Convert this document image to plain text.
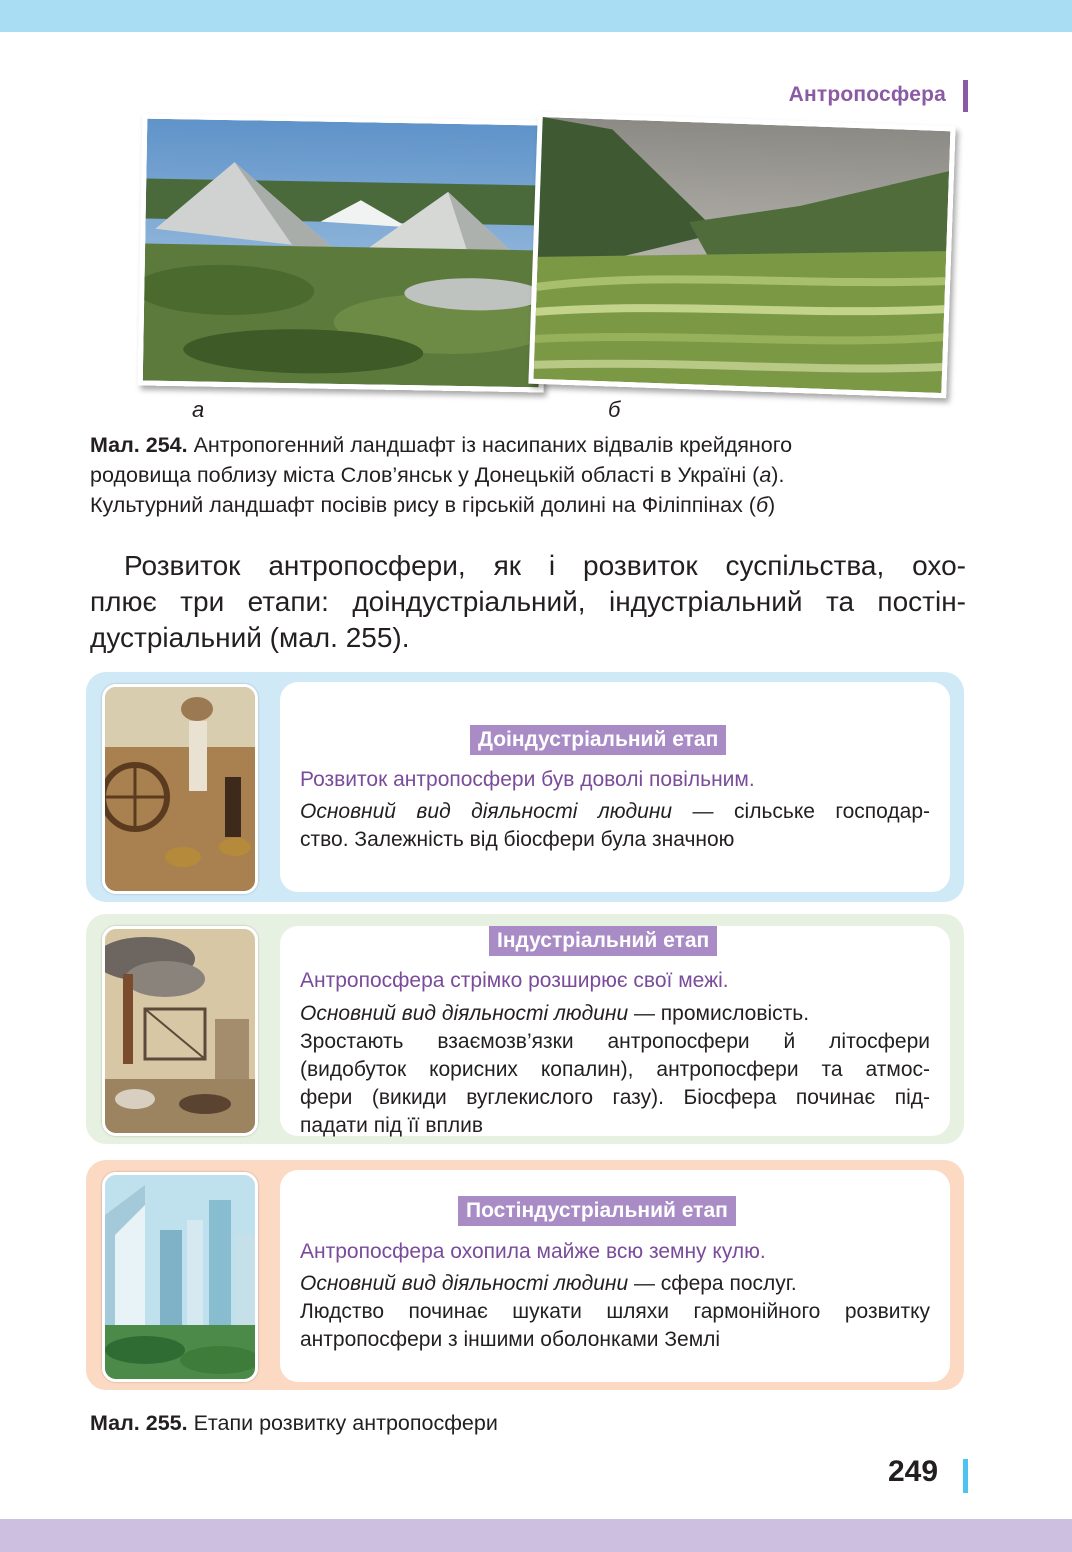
Антропосфера
а	б
Мал. 254. Антропогенний ландшафт із насипаних відвалів крейдяного
родовища поблизу міста Слов’янськ у Донецькій області в Україні (а).
Культурний ландшафт посівів рису в гірській долині на Філіппінах (б)
Розвиток антропосфери, як і розвиток суспільства, охо-
плює три етапи: доіндустріальний, індустріальний та постін-
дустріальний (мал. 255).
Доіндустріальний етап
Розвиток антропосфери був доволі повільним.
Основний вид діяльності людини — сільське господар-
ство. Залежність від біосфери була значною
Індустріальний етап
Антропосфера стрімко розширює свої межі.
Основний вид діяльності людини — промисловість.
Зростають взаємозв’язки антропосфери й літосфери
(видобуток корисних копалин), антропосфери та атмос-
фери (викиди вуглекислого газу). Біосфера починає під-
падати під її вплив
Постіндустріальний етап
Антропосфера охопила майже всю земну кулю.
Основний вид діяльності людини — сфера послуг.
Людство починає шукати шляхи гармонійного розвитку
антропосфери з іншими оболонками Землі
Мал. 255. Етапи розвитку антропосфери
249
